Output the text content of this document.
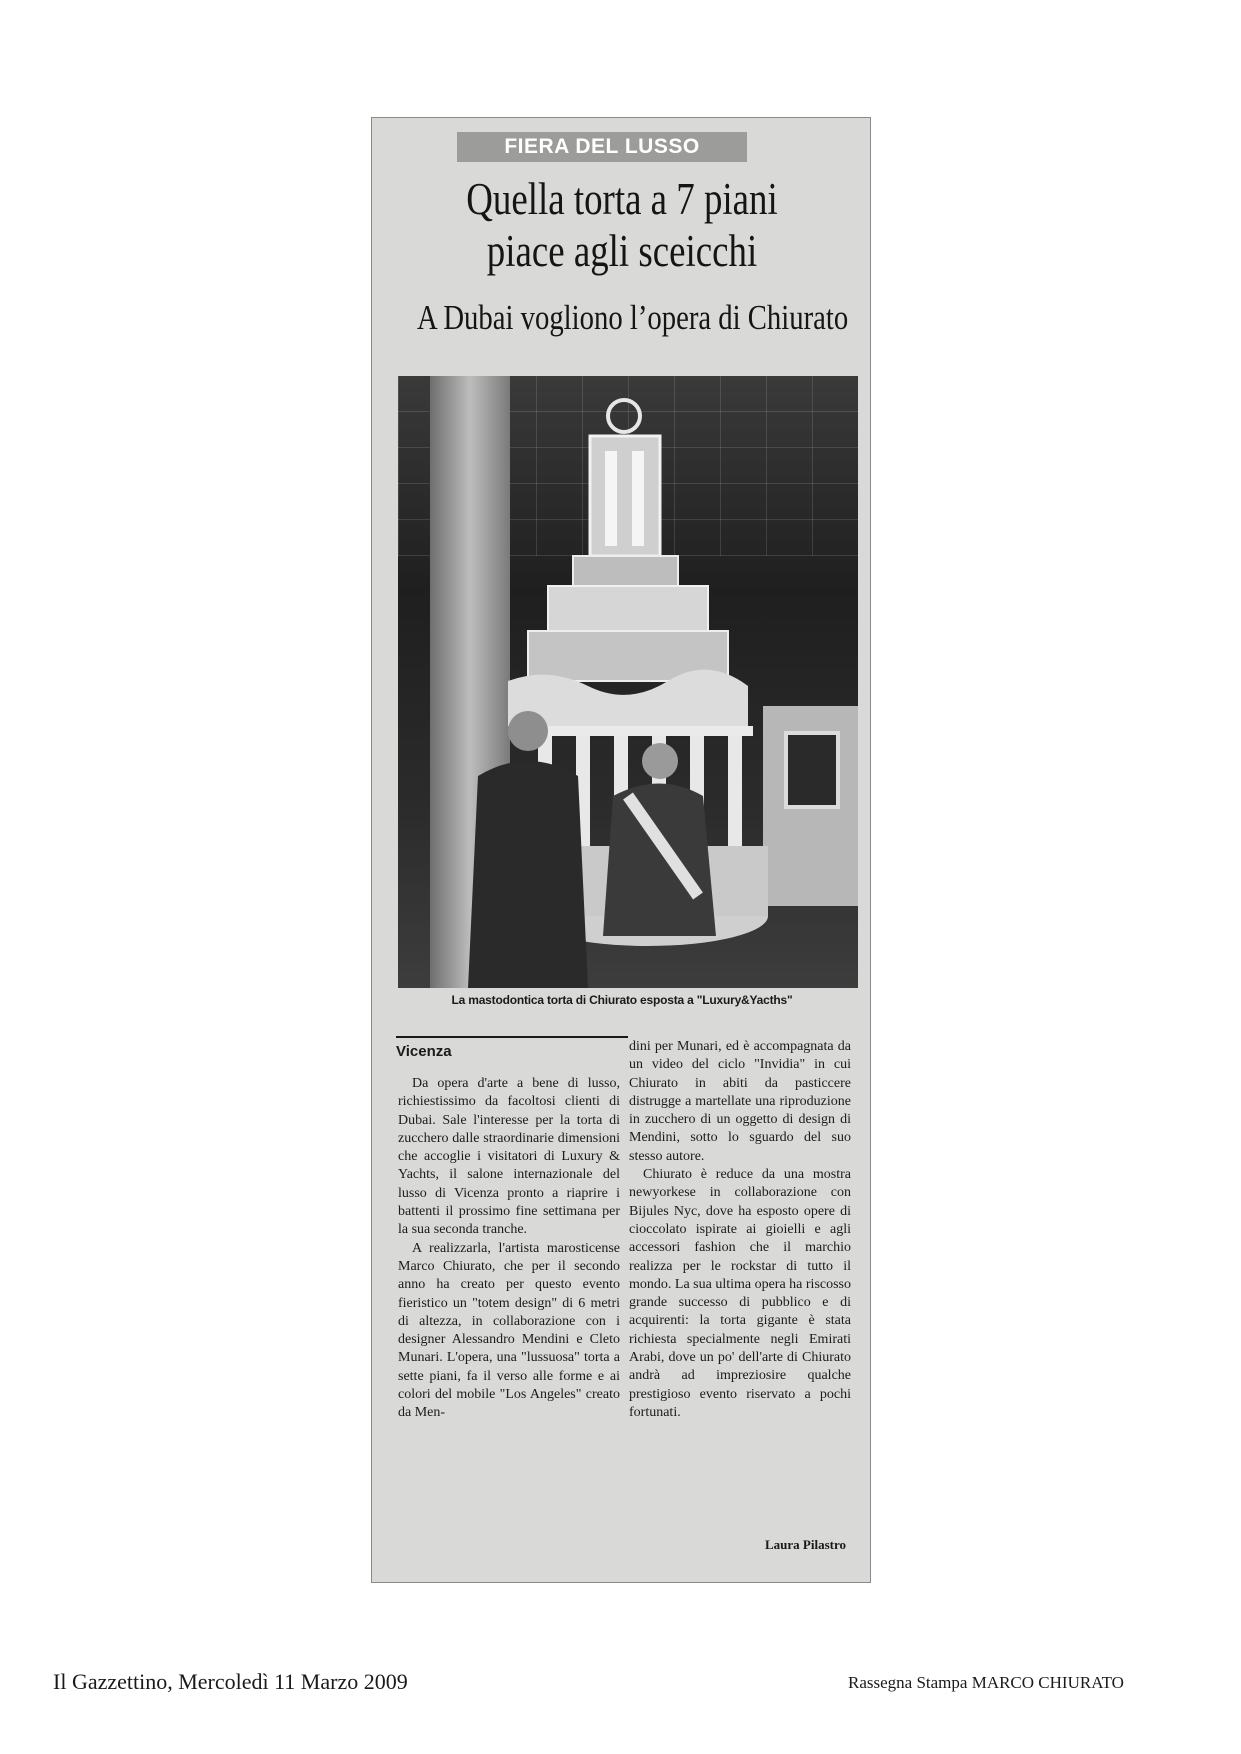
FIERA DEL LUSSO
Quella torta a 7 piani
piace agli sceicchi
A Dubai vogliono l’opera di Chiurato
La mastodontica torta di Chiurato esposta a "Luxury&Yacths"
Vicenza

Da opera d'arte a bene di lusso, richiestissimo da facoltosi clienti di Dubai. Sale l'interesse per la torta di zucchero dalle straordinarie dimensioni che accoglie i visitatori di Luxury & Yachts, il salone internazionale del lusso di Vicenza pronto a riaprire i battenti il prossimo fine settimana per la sua seconda tranche.

A realizzarla, l'artista marosticense Marco Chiurato, che per il secondo anno ha creato per questo evento fieristico un "totem design" di 6 metri di altezza, in collaborazione con i designer Alessandro Mendini e Cleto Munari. L'opera, una "lussuosa" torta a sette piani, fa il verso alle forme e ai colori del mobile "Los Angeles" creato da Men-

dini per Munari, ed è accompagnata da un video del ciclo "Invidia" in cui Chiurato in abiti da pasticcere distrugge a martellate una riproduzione in zucchero di un oggetto di design di Mendini, sotto lo sguardo del suo stesso autore.

Chiurato è reduce da una mostra newyorkese in collaborazione con Bijules Nyc, dove ha esposto opere di cioccolato ispirate ai gioielli e agli accessori fashion che il marchio realizza per le rockstar di tutto il mondo. La sua ultima opera ha riscosso grande successo di pubblico e di acquirenti: la torta gigante è stata richiesta specialmente negli Emirati Arabi, dove un po' dell'arte di Chiurato andrà ad impreziosire qualche prestigioso evento riservato a pochi fortunati.

Laura Pilastro
Il Gazzettino, Mercoledì 11 Marzo 2009	Rassegna Stampa MARCO CHIURATO
